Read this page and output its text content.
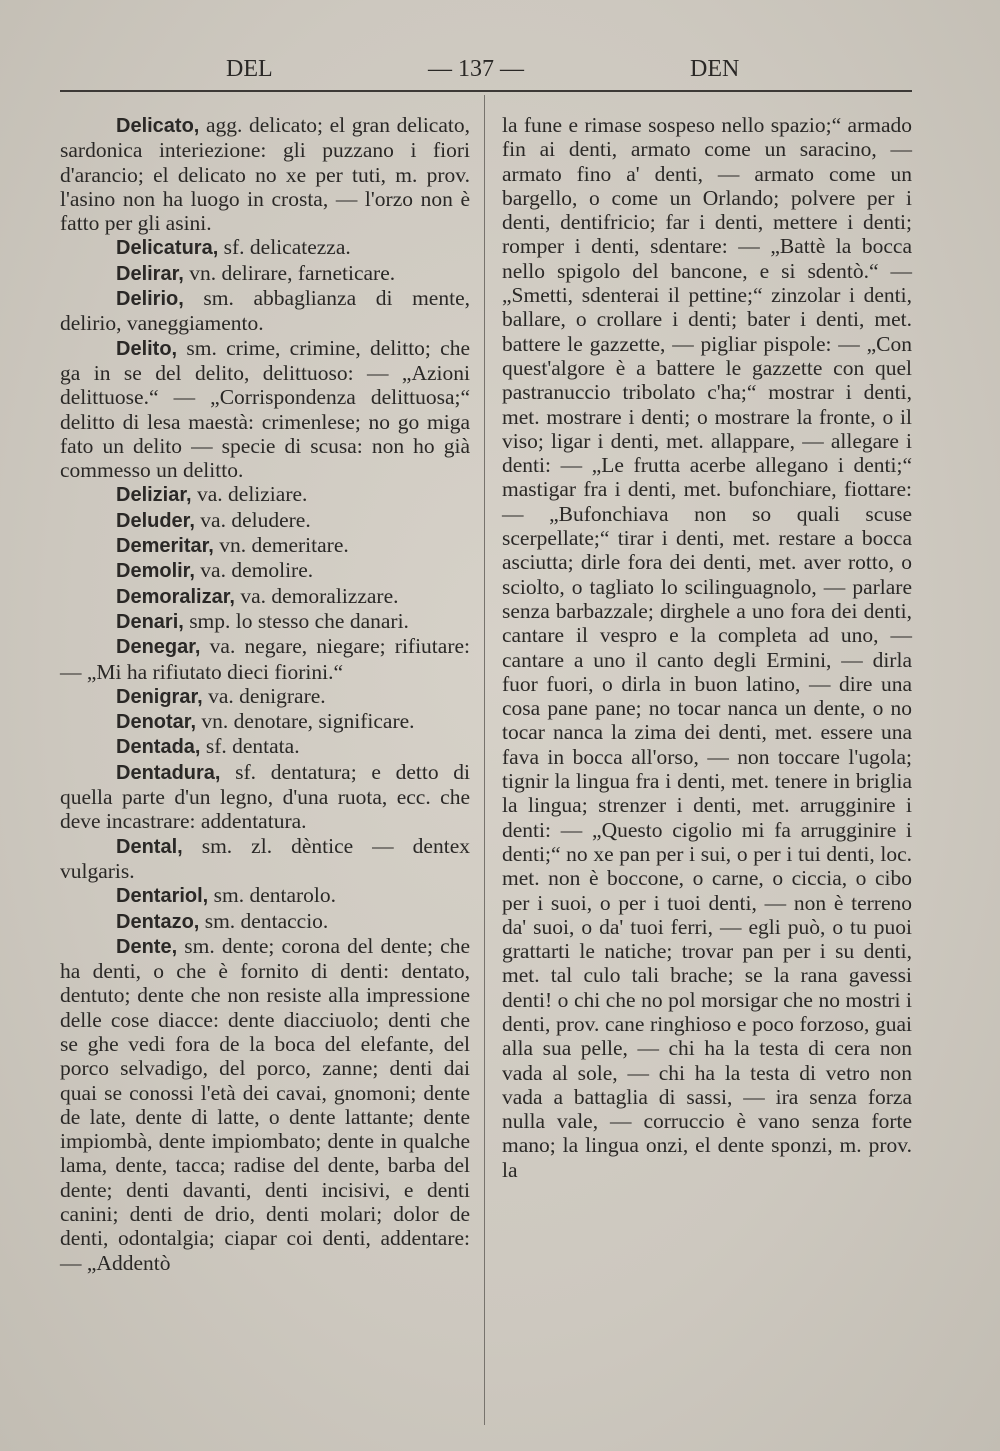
DEL	— 137 —	DEN

Delicato, agg. delicato; el gran delicato, sardonica interiezione: gli puzzano i fiori d'arancio; el delicato no xe per tuti, m. prov. l'asino non ha luogo in crosta, — l'orzo non è fatto per gli asini.

Delicatura, sf. delicatezza.

Delirar, vn. delirare, farneticare.

Delirio, sm. abbaglianza di mente, delirio, vaneggiamento.

Delito, sm. crime, crimine, delitto; che ga in se del delito, delittuoso: — „Azioni delittuose.“ — „Corrispondenza delittuosa;“ delitto di lesa maestà: crimenlese; no go miga fato un delito — specie di scusa: non ho già commesso un delitto.

Deliziar, va. deliziare.

Deluder, va. deludere.

Demeritar, vn. demeritare.

Demolir, va. demolire.

Demoralizar, va. demoralizzare.

Denari, smp. lo stesso che danari.

Denegar, va. negare, niegare; rifiutare: — „Mi ha rifiutato dieci fiorini.“

Denigrar, va. denigrare.

Denotar, vn. denotare, significare.

Dentada, sf. dentata.

Dentadura, sf. dentatura; e detto di quella parte d'un legno, d'una ruota, ecc. che deve incastrare: addentatura.

Dental, sm. zl. dèntice — dentex vulgaris.

Dentariol, sm. dentarolo.

Dentazo, sm. dentaccio.

Dente, sm. dente; corona del dente; che ha denti, o che è fornito di denti: dentato, dentuto; dente che non resiste alla impressione delle cose diacce: dente diacciuolo; denti che se ghe vedi fora de la boca del elefante, del porco selvadigo, del porco, zanne; denti dai quai se conossi l'età dei cavai, gnomoni; dente de late, dente di latte, o dente lattante; dente impiombà, dente impiombato; dente in qualche lama, dente, tacca; radise del dente, barba del dente; denti davanti, denti incisivi, e denti canini; denti de drio, denti molari; dolor de denti, odontalgia; ciapar coi denti, addentare: — „Addentò

la fune e rimase sospeso nello spazio;“ armado fin ai denti, armato come un saracino, — armato fino a' denti, — armato come un bargello, o come un Orlando; polvere per i denti, dentifricio; far i denti, mettere i denti; romper i denti, sdentare: — „Battè la bocca nello spigolo del bancone, e si sdentò.“ — „Smetti, sdenterai il pettine;“ zinzolar i denti, ballare, o crollare i denti; bater i denti, met. battere le gazzette, — pigliar pispole: — „Con quest'algore è a battere le gazzette con quel pastranuccio tribolato c'ha;“ mostrar i denti, met. mostrare i denti; o mostrare la fronte, o il viso; ligar i denti, met. allappare, — allegare i denti: — „Le frutta acerbe allegano i denti;“ mastigar fra i denti, met. bufonchiare, fiottare: — „Bufonchiava non so quali scuse scerpellate;“ tirar i denti, met. restare a bocca asciutta; dirle fora dei denti, met. aver rotto, o sciolto, o tagliato lo scilinguagnolo, — parlare senza barbazzale; dirghele a uno fora dei denti, cantare il vespro e la completa ad uno, — cantare a uno il canto degli Ermini, — dirla fuor fuori, o dirla in buon latino, — dire una cosa pane pane; no tocar nanca un dente, o no tocar nanca la zima dei denti, met. essere una fava in bocca all'orso, — non toccare l'ugola; tignir la lingua fra i denti, met. tenere in briglia la lingua; strenzer i denti, met. arrugginire i denti: — „Questo cigolio mi fa arrugginire i denti;“ no xe pan per i sui, o per i tui denti, loc. met. non è boccone, o carne, o ciccia, o cibo per i suoi, o per i tuoi denti, — non è terreno da' suoi, o da' tuoi ferri, — egli può, o tu puoi grattarti le natiche; trovar pan per i su denti, met. tal culo tali brache; se la rana gavessi denti! o chi che no pol morsigar che no mostri i denti, prov. cane ringhioso e poco forzoso, guai alla sua pelle, — chi ha la testa di cera non vada al sole, — chi ha la testa di vetro non vada a battaglia di sassi, — ira senza forza nulla vale, — corruccio è vano senza forte mano; la lingua onzi, el dente sponzi, m. prov. la
